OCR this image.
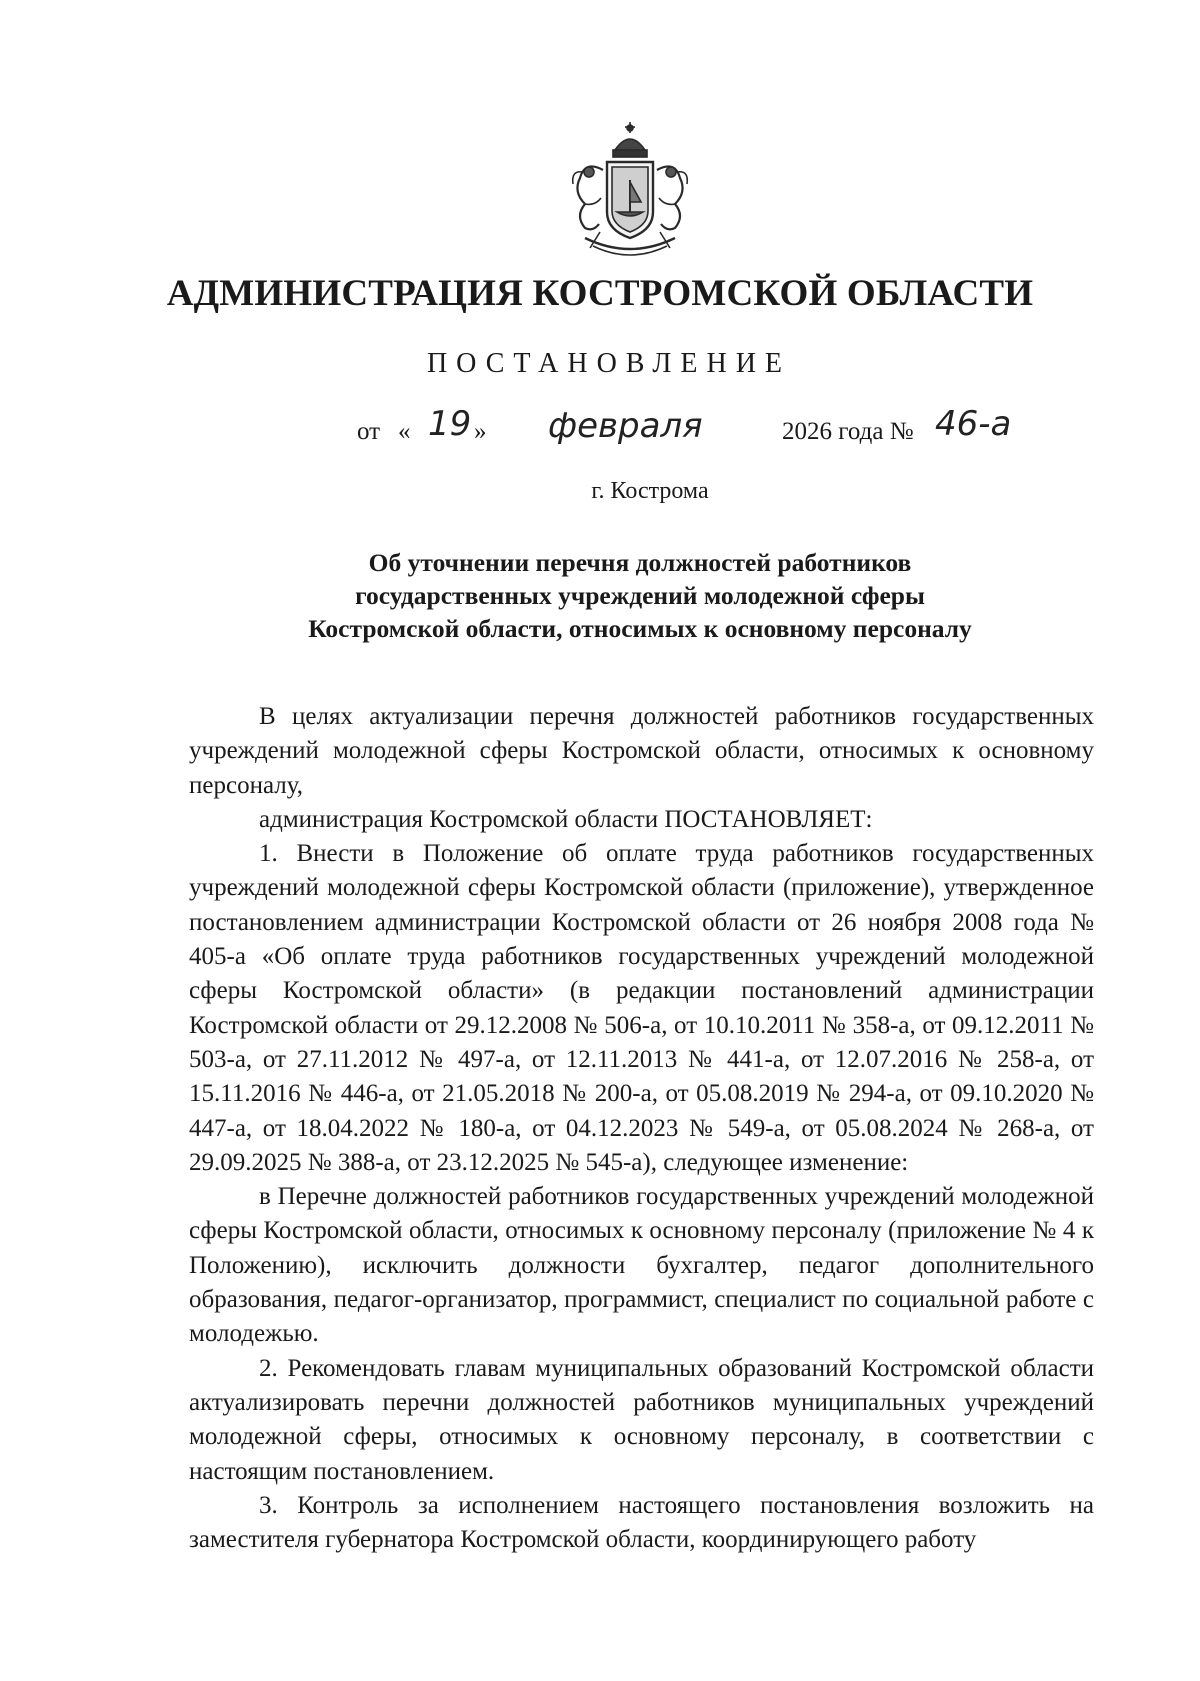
АДМИНИСТРАЦИЯ КОСТРОМСКОЙ ОБЛАСТИ
ПОСТАНОВЛЕНИЕ
от « 19 » февраля	2026 года № 46-а
г. Кострома
Об уточнении перечня должностей работников
государственных учреждений молодежной сферы
Костромской области, относимых к основному персоналу

В целях актуализации перечня должностей работников государственных учреждений молодежной сферы Костромской области, относимых к основному персоналу,

администрация Костромской области ПОСТАНОВЛЯЕТ:

1. Внести в Положение об оплате труда работников государственных учреждений молодежной сферы Костромской области (приложение), утвержденное постановлением администрации Костромской области от 26 ноября 2008 года № 405-а «Об оплате труда работников государственных учреждений молодежной сферы Костромской области» (в редакции постановлений администрации Костромской области от 29.12.2008 № 506-а, от 10.10.2011 № 358-а, от 09.12.2011 № 503-а, от 27.11.2012 № 497-а, от 12.11.2013 № 441-а, от 12.07.2016 № 258-а, от 15.11.2016 № 446-а, от 21.05.2018 № 200-а, от 05.08.2019 № 294-а, от 09.10.2020 № 447-а, от 18.04.2022 № 180-а, от 04.12.2023 № 549-а, от 05.08.2024 № 268-а, от 29.09.2025 № 388-а, от 23.12.2025 № 545-а), следующее изменение:

в Перечне должностей работников государственных учреждений молодежной сферы Костромской области, относимых к основному персоналу (приложение № 4 к Положению), исключить должности бухгалтер, педагог дополнительного образования, педагог-организатор, программист, специалист по социальной работе с молодежью.

2. Рекомендовать главам муниципальных образований Костромской области актуализировать перечни должностей работников муниципальных учреждений молодежной сферы, относимых к основному персоналу, в соответствии с настоящим постановлением.

3. Контроль за исполнением настоящего постановления возложить на заместителя губернатора Костромской области, координирующего работу
